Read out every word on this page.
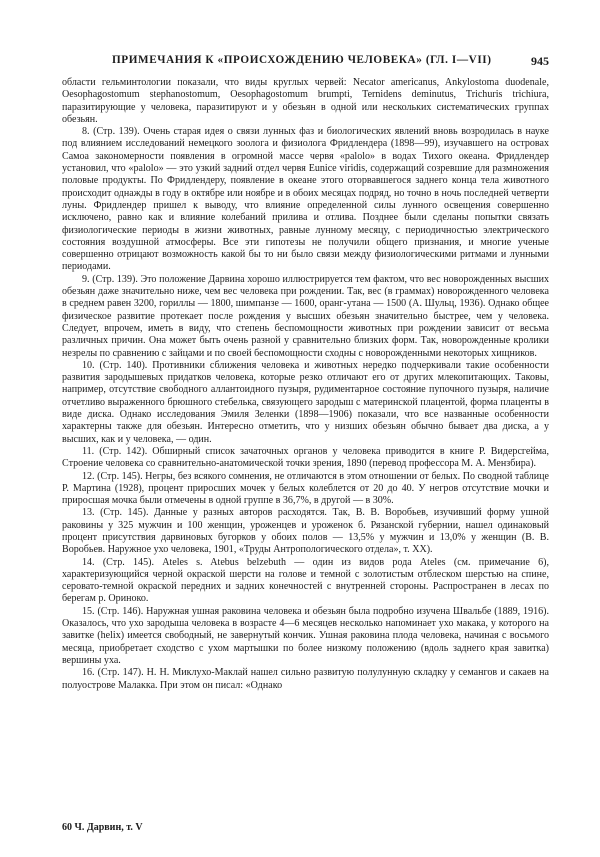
ПРИМЕЧАНИЯ К «ПРОИСХОЖДЕНИЮ ЧЕЛОВЕКА» (ГЛ. I—VII)	945

области гельминтологии показали, что виды круглых червей: Necator americanus, Ankylostoma duodenale, Oesophagostomum stephanostomum, Oesophagostomum brumpti, Ternidens deminutus, Trichuris trichiura, паразитирующие у человека, паразитируют и у обезьян в одной или нескольких систематических группах обезьян.

8. (Стр. 139). Очень старая идея о связи лунных фаз и биологических явлений вновь возродилась в науке под влиянием исследований немецкого зоолога и физиолога Фридлендера (1898—99), изучавшего на островах Самоа закономерности появления в огромной массе червя «palolo» в водах Тихого океана. Фридлендер установил, что «palolo» — это узкий задний отдел червя Eunice viridis, содержащий созревшие для размножения половые продукты. По Фридлендеру, появление в океане этого оторвавшегося заднего конца тела животного происходит однажды в году в октябре или ноябре и в обоих месяцах подряд, но точно в ночь последней четверти луны. Фридлендер пришел к выводу, что влияние определенной силы лунного освещения совершенно исключено, равно как и влияние колебаний прилива и отлива. Позднее были сделаны попытки связать физиологические периоды в жизни животных, равные лунному месяцу, с периодичностью электрического состояния воздушной атмосферы. Все эти гипотезы не получили общего признания, и многие ученые совершенно отрицают возможность какой бы то ни было связи между физиологическими ритмами и лунными периодами.

9. (Стр. 139). Это положение Дарвина хорошо иллюстрируется тем фактом, что вес новорожденных высших обезьян даже значительно ниже, чем вес человека при рождении. Так, вес (в граммах) новорожденного человека в среднем равен 3200, гориллы — 1800, шимпанзе — 1600, оранг-утана — 1500 (А. Шульц, 1936). Однако общее физическое развитие протекает после рождения у высших обезьян значительно быстрее, чем у человека. Следует, впрочем, иметь в виду, что степень беспомощности животных при рождении зависит от весьма различных причин. Она может быть очень разной у сравнительно близких форм. Так, новорожденные кролики незрелы по сравнению с зайцами и по своей беспомощности сходны с новорожденными некоторых хищников.

10. (Стр. 140). Противники сближения человека и животных нередко подчеркивали такие особенности развития зародышевых придатков человека, которые резко отличают его от других млекопитающих. Таковы, например, отсутствие свободного аллантоидного пузыря, рудиментарное состояние пупочного пузыря, наличие отчетливо выраженного брюшного стебелька, связующего зародыш с материнской плацентой, форма плаценты в виде диска. Однако исследования Эмиля Зеленки (1898—1906) показали, что все названные особенности характерны также для обезьян. Интересно отметить, что у низших обезьян обычно бывает два диска, а у высших, как и у человека, — один.

11. (Стр. 142). Обширный список зачаточных органов у человека приводится в книге Р. Видерсгейма, Строение человека со сравнительно-анатомической точки зрения, 1890 (перевод профессора М. А. Мензбира).

12. (Стр. 145). Негры, без всякого сомнения, не отличаются в этом отношении от белых. По сводной таблице Р. Мартина (1928), процент приросших мочек у белых колеблется от 20 до 40. У негров отсутствие мочки и приросшая мочка были отмечены в одной группе в 36,7%, в другой — в 30%.

13. (Стр. 145). Данные у разных авторов расходятся. Так, В. В. Воробьев, изучивший форму ушной раковины у 325 мужчин и 100 женщин, уроженцев и уроженок б. Рязанской губернии, нашел одинаковый процент присутствия дарвиновых бугорков у обоих полов — 13,5% у мужчин и 13,0% у женщин (В. В. Воробьев. Наружное ухо человека, 1901, «Труды Антропологического отдела», т. XX).

14. (Стр. 145). Ateles s. Atebus belzebuth — один из видов рода Ateles (см. примечание 6), характеризующийся черной окраской шерсти на голове и темной с золотистым отблеском шерстью на спине, серовато-темной окраской передних и задних конечностей с внутренней стороны. Распространен в лесах по берегам р. Ориноко.

15. (Стр. 146). Наружная ушная раковина человека и обезьян была подробно изучена Швальбе (1889, 1916). Оказалось, что ухо зародыша человека в возрасте 4—6 месяцев несколько напоминает ухо макака, у которого на завитке (helix) имеется свободный, не завернутый кончик. Ушная раковина плода человека, начиная с восьмого месяца, приобретает сходство с ухом мартышки по более низкому положению (вдоль заднего края завитка) вершины уха.

16. (Стр. 147). Н. Н. Миклухо-Маклай нашел сильно развитую полулунную складку у семангов и сакаев на полуострове Малакка. При этом он писал: «Однако

60 Ч. Дарвин, т. V
